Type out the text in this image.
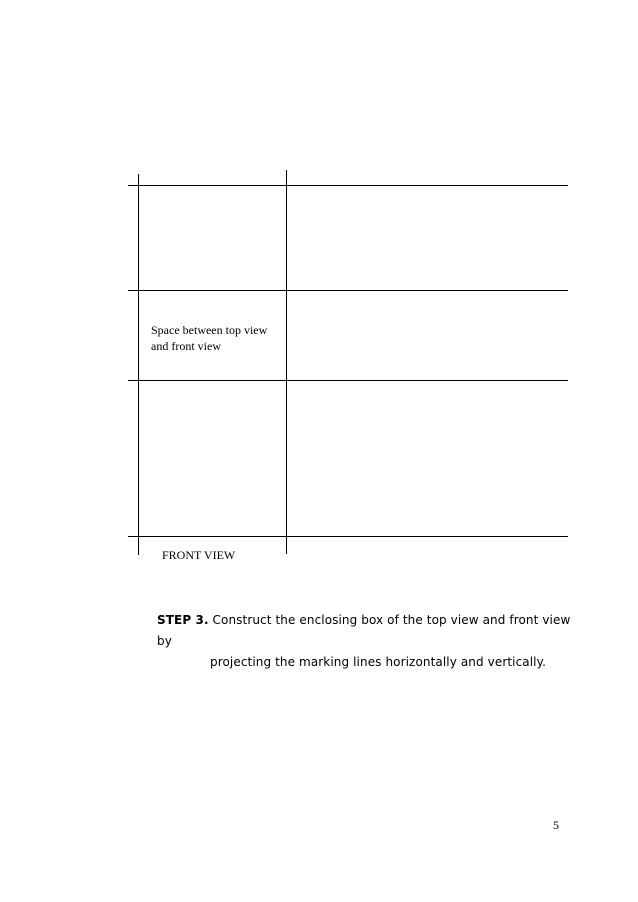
Space between top view
and front view
FRONT VIEW
STEP 3. Construct the enclosing box of the top view and front view by
projecting the marking lines horizontally and vertically.
5
